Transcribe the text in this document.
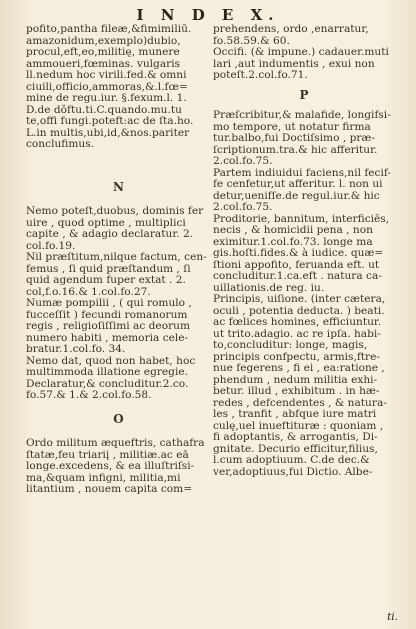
I N D E X.
pofito,pantha fileæ,&fimimiliū.
amazonidum,exemplo)dubio,
procul,eft,eo,militię, munere
ammoueri,fœminas. vulgaris
ll.nedum hoc virili.fed.& omni
ciuili,officio,ammoras,&.l.fœ=
mine de regu.iur. §.fexum.l. 1.
D.de dǒftu.ti.C.quando.mu.tu
te,offi fungi.poteft:ac de ſta.ho.
L.in multis,ubi,id,&nos.pariter
conclufimus.
N
Nemo poteſt,duobus, dominis fer
uire , quod optime , multiplici
capite , & adagio declaratur. 2.
col.fo.19.
Nil præſtitum,nilque factum, cen-
femus , ſi quid præſtandum , ſi
quid agendum fuper extat . 2.
col,f.o.16.& 1.col.fo.27.
Numæ pompilii , ( qui romulo ,
fucceſſit ) fecundi romanorum
regis , religioſiſſimi ac deorum
numero habiti , memoria cele-
bratur.1.col.fo. 34.
Nemo dat, quod non habet, hoc
multimmoda illatione egregie.
Declaratur,& concluditur.2.co.
fo.57.& 1.& 2.col.fo.58.
O
Ordo militum æqueftris, cathafra
ſtatæ,feu triariį , militiæ.ac eā
longe.excedens, & ea illuſtriſsi-
ma,&quam infigni, militia,mi
litantium , nouem capita com=
prehendens, ordo ,enarratur,
fo.58.59.& 60.
Occifi. (& impune.) cadauer.muti
lari ,aut indumentis , exui non
poteſt.2.col.fo.71.
P
Præſcribitur,& malafide, longifsi-
mo tempore, ut notatur firma
tur.balbo,fui Doctiſsimo , præ-
ſcriptionum.tra.& hic afferitur.
2.col.fo.75.
Partem indiuidui faciens,nil fecif-
fe cenfetur,ut afferitur. l. non ui
detur,uenifſe.de regul.iur.& hic
2.col.fo.75.
Proditorie, bannitum, interficiēs,
necis , & homicidii pena , non
eximitur.1.col.fo.73. longe ma
gis.hoſti.fides.& à iudice. quæ=
ſtioni appofito, feruanda eft. ut
concluditur.1.ca.eft . natura ca-
uillationis.de reg. iu.
Principis, uiſione. (inter cætera,
oculi , potentia deducta. ) beati.
ac fœlices homines, efficiuntur.
ut trito.adagio. ac re ipſa. habi-
to,concluditur: longe, magis,
principis confpectu, armis,ftre-
nue fegerens , fi ei , ea:ratione ,
phendum , nedum militia exhi-
betur. illud , exhibitum . in hæ-
redes , defcendentes , & natura-
les , tranfit , abfque iure matri
culę,uel inueftituræ : quoniam ,
fi adoptantis, & arrogantis, Di-
gnitate. Decurio efficitur,filius,
l.cum adoptiuum. C.de dec.&
ver,adoptiuus,fui Dictio. Albe-
ti.
